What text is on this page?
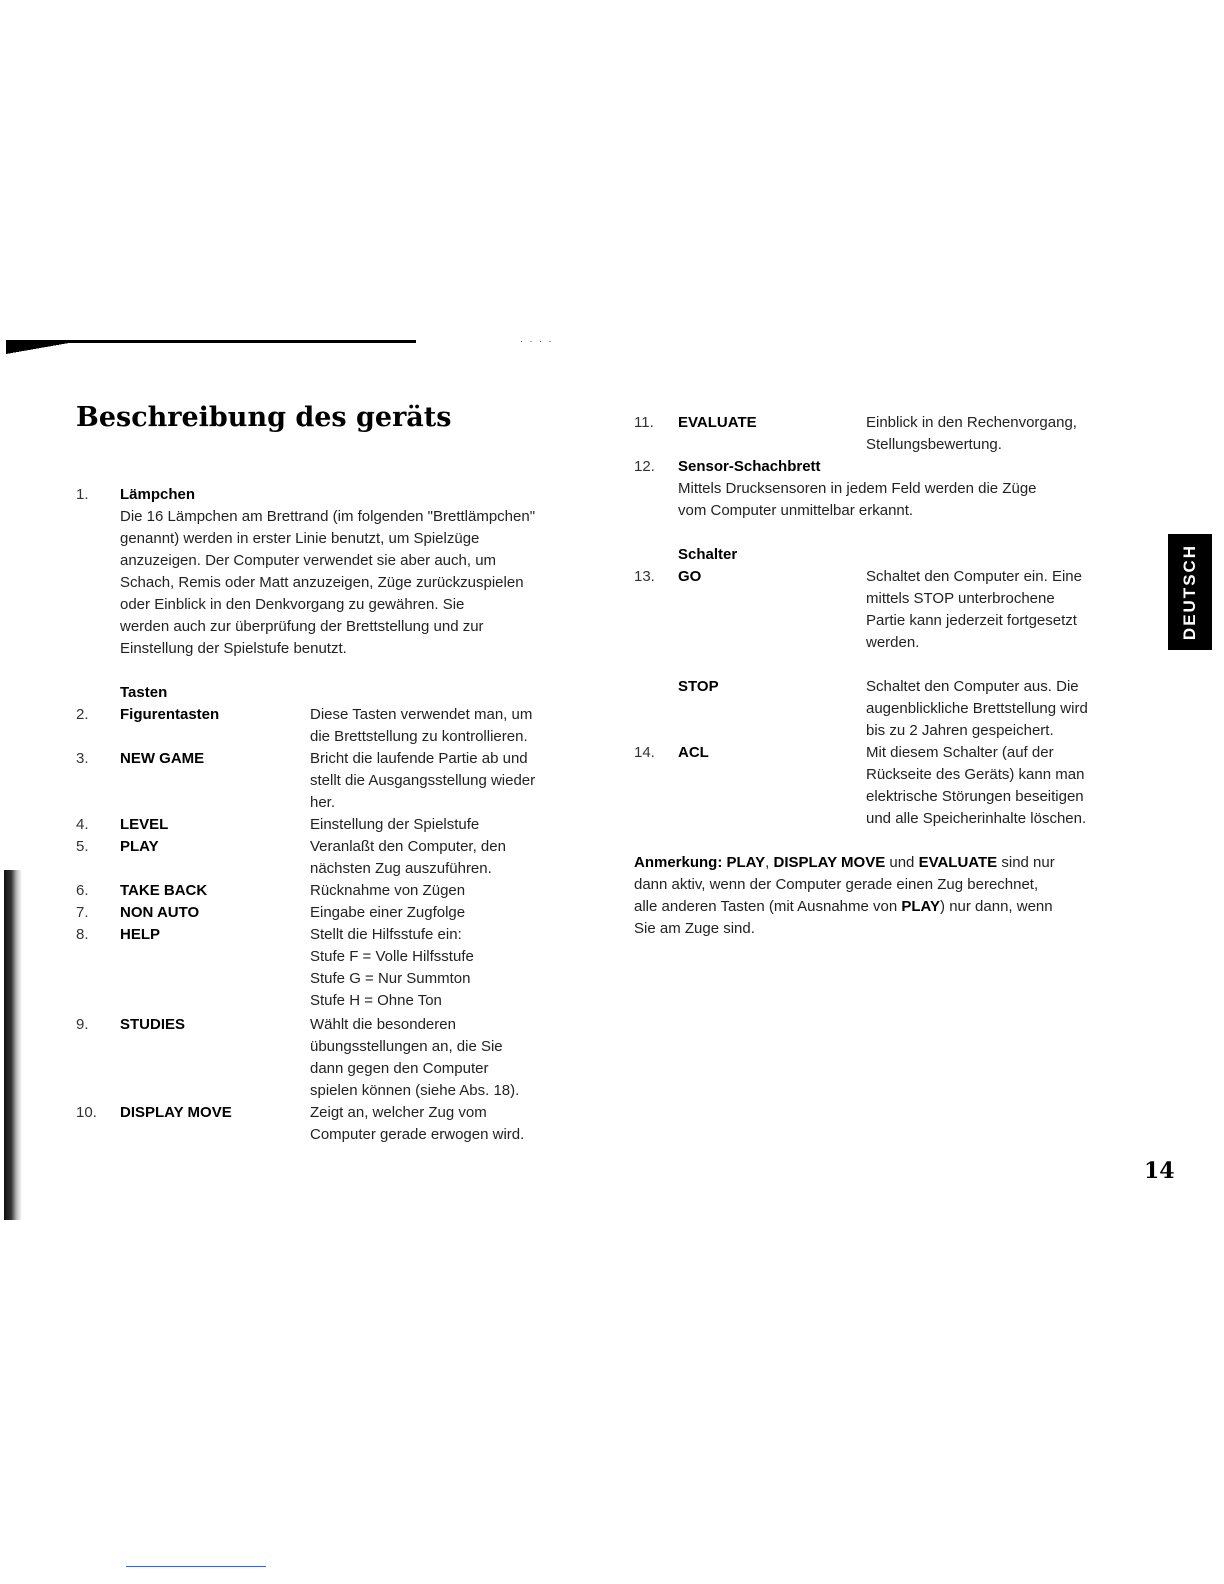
. . . .
Beschreibung des geräts
1. Lämpchen
Die 16 Lämpchen am Brettrand (im folgenden "Brettlämpchen"
genannt) werden in erster Linie benutzt, um Spielzüge
anzuzeigen. Der Computer verwendet sie aber auch, um
Schach, Remis oder Matt anzuzeigen, Züge zurückzuspielen
oder Einblick in den Denkvorgang zu gewähren. Sie
werden auch zur überprüfung der Brettstellung und zur
Einstellung der Spielstufe benutzt.
Tasten
2. Figurentasten	Diese Tasten verwendet man, um
die Brettstellung zu kontrollieren.
3. NEW GAME	Bricht die laufende Partie ab und
stellt die Ausgangsstellung wieder
her.
4. LEVEL	Einstellung der Spielstufe
5. PLAY	Veranlaßt den Computer, den
nächsten Zug auszuführen.
6. TAKE BACK	Rücknahme von Zügen
7. NON AUTO	Eingabe einer Zugfolge
8. HELP	Stellt die Hilfsstufe ein:
Stufe F = Volle Hilfsstufe
Stufe G = Nur Summton
Stufe H = Ohne Ton
9. STUDIES	Wählt die besonderen
übungsstellungen an, die Sie
dann gegen den Computer
spielen können (siehe Abs. 18).
10. DISPLAY MOVE	Zeigt an, welcher Zug vom
Computer gerade erwogen wird.
11. EVALUATE	Einblick in den Rechenvorgang,
Stellungsbewertung.
12. Sensor-Schachbrett
Mittels Drucksensoren in jedem Feld werden die Züge
vom Computer unmittelbar erkannt.
Schalter
13. GO	Schaltet den Computer ein. Eine
mittels STOP unterbrochene
Partie kann jederzeit fortgesetzt
werden.
STOP	Schaltet den Computer aus. Die
augenblickliche Brettstellung wird
bis zu 2 Jahren gespeichert.
14. ACL	Mit diesem Schalter (auf der
Rückseite des Geräts) kann man
elektrische Störungen beseitigen
und alle Speicherinhalte löschen.
Anmerkung: PLAY, DISPLAY MOVE und EVALUATE sind nur
dann aktiv, wenn der Computer gerade einen Zug berechnet,
alle anderen Tasten (mit Ausnahme von PLAY) nur dann, wenn
Sie am Zuge sind.
DEUTSCH
14
